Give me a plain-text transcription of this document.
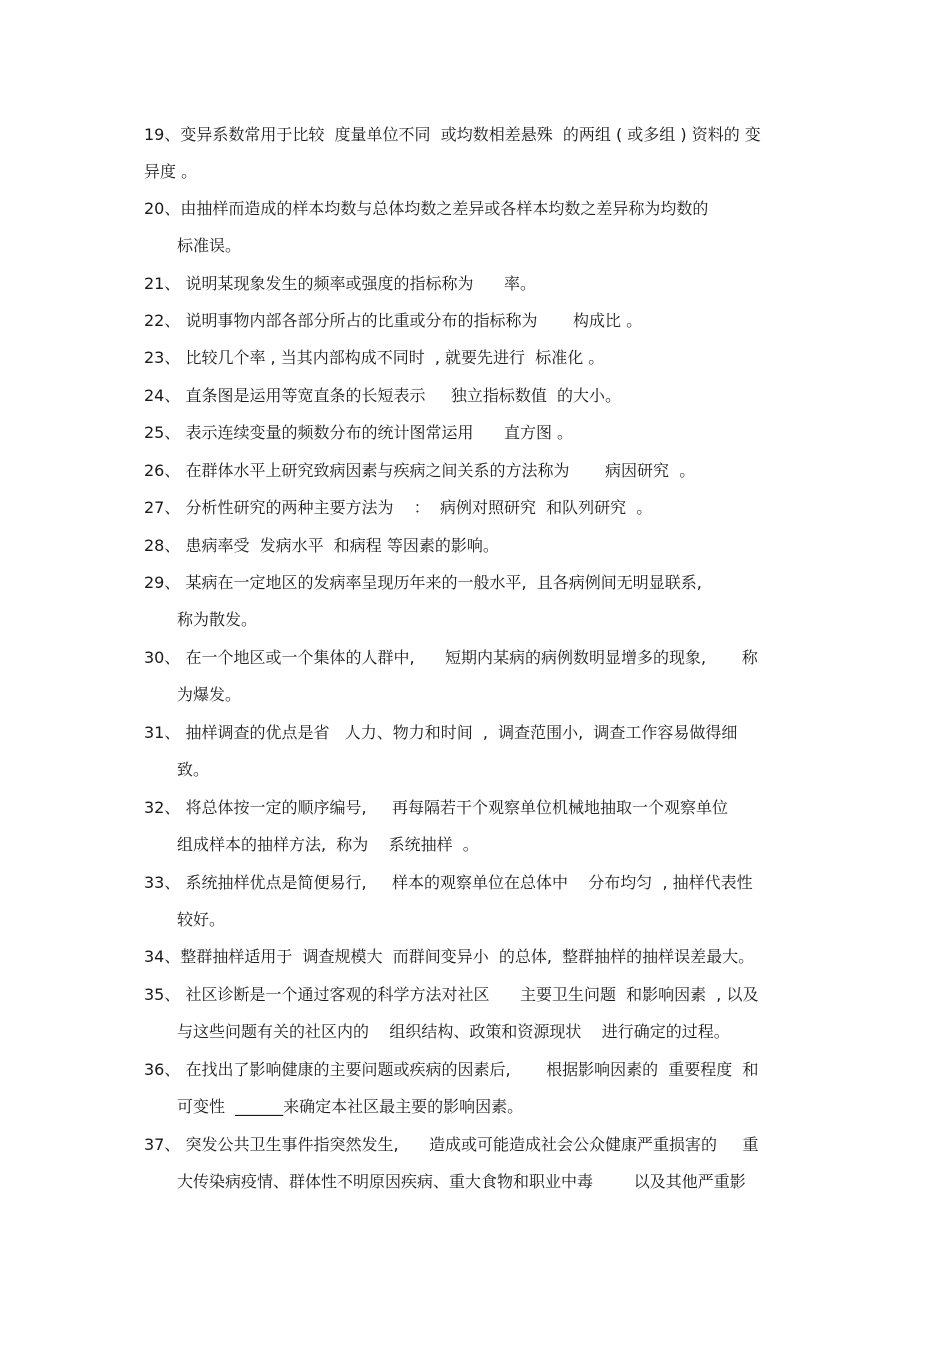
19、变异系数常用于比较  度量单位不同  或均数相差悬殊  的两组 ( 或多组 ) 资料的 变
异度 。
20、由抽样而造成的样本均数与总体均数之差异或各样本均数之差异称为均数的
标准误。
21、 说明某现象发生的频率或强度的指标称为      率。
22、 说明事物内部各部分所占的比重或分布的指标称为       构成比 。
23、 比较几个率 , 当其内部构成不同时  , 就要先进行  标准化 。
24、 直条图是运用等宽直条的长短表示     独立指标数值  的大小。
25、 表示连续变量的频数分布的统计图常运用      直方图 。
26、 在群体水平上研究致病因素与疾病之间关系的方法称为       病因研究  。
27、 分析性研究的两种主要方法为    ：  病例对照研究  和队列研究  。
28、 患病率受  发病水平  和病程 等因素的影响。
29、 某病在一定地区的发病率呈现历年来的一般水平,  且各病例间无明显联系,
称为散发。
30、 在一个地区或一个集体的人群中,      短期内某病的病例数明显增多的现象,       称
为爆发。
31、 抽样调查的优点是省   人力、物力和时间  ,  调查范围小,  调查工作容易做得细
致。
32、 将总体按一定的顺序编号,     再每隔若干个观察单位机械地抽取一个观察单位
组成样本的抽样方法,  称为    系统抽样  。
33、 系统抽样优点是简便易行,     样本的观察单位在总体中    分布均匀  , 抽样代表性
较好。
34、整群抽样适用于  调查规模大  而群间变异小  的总体,  整群抽样的抽样误差最大。
35、 社区诊断是一个通过客观的科学方法对社区      主要卫生问题  和影响因素  , 以及
与这些问题有关的社区内的    组织结构、政策和资源现状    进行确定的过程。
36、 在找出了影响健康的主要问题或疾病的因素后,       根据影响因素的  重要程度  和
可变性  ______来确定本社区最主要的影响因素。
37、 突发公共卫生事件指突然发生,      造成或可能造成社会公众健康严重损害的     重
大传染病疫情、群体性不明原因疾病、重大食物和职业中毒        以及其他严重影
